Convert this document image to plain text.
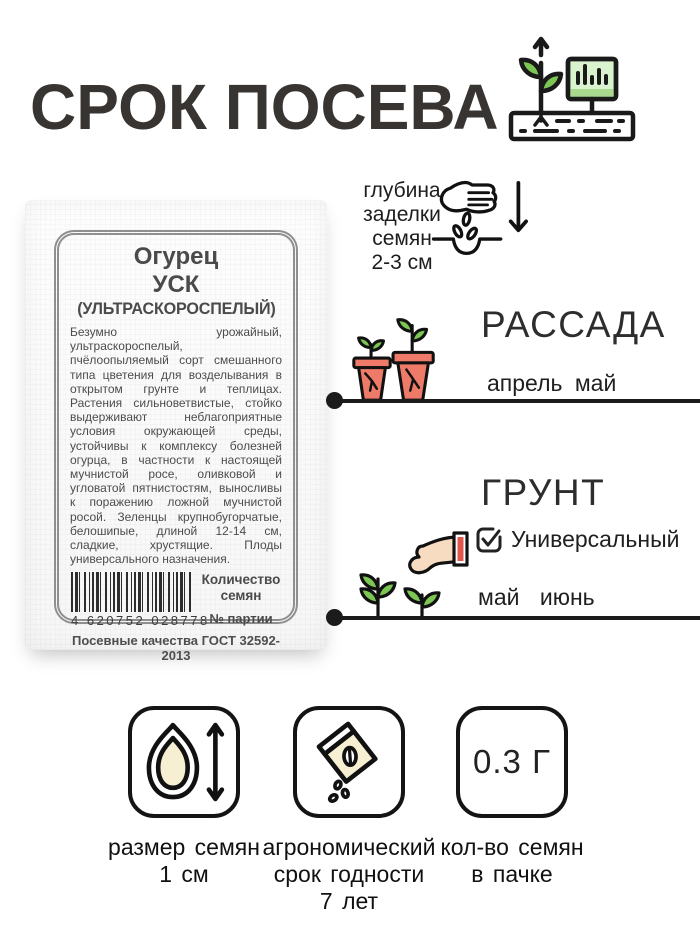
СРОК ПОСЕВА
глубина
заделки
семян
2-3 см
Огурец
УСК
(УЛЬТРАСКОРОСПЕЛЫЙ)
Безумно урожайный, ультраскороспелый, пчёлоопыляемый сорт смешанного типа цветения для возделывания в открытом грунте и теплицах. Растения сильноветвистые, стойко выдерживают неблагоприятные условия окружающей среды, устойчивы к комплексу болезней огурца, в частности к настоящей мучнистой росе, оливковой и угловатой пятнистостям, выносливы к поражению ложной мучнистой росой. Зеленцы крупнобугорчатые, белошипые, длиной 12-14 см, сладкие, хрустящие. Плоды универсального назначения.
4 620752 028778
Количество семян
№ партии
Посевные качества ГОСТ 32592-2013
РАССАДА
апрель май
ГРУНТ
Универсальный
май июнь
0.3 Г
размер семян
1 см
агрономический
срок годности
7 лет
кол-во семян
в пачке
